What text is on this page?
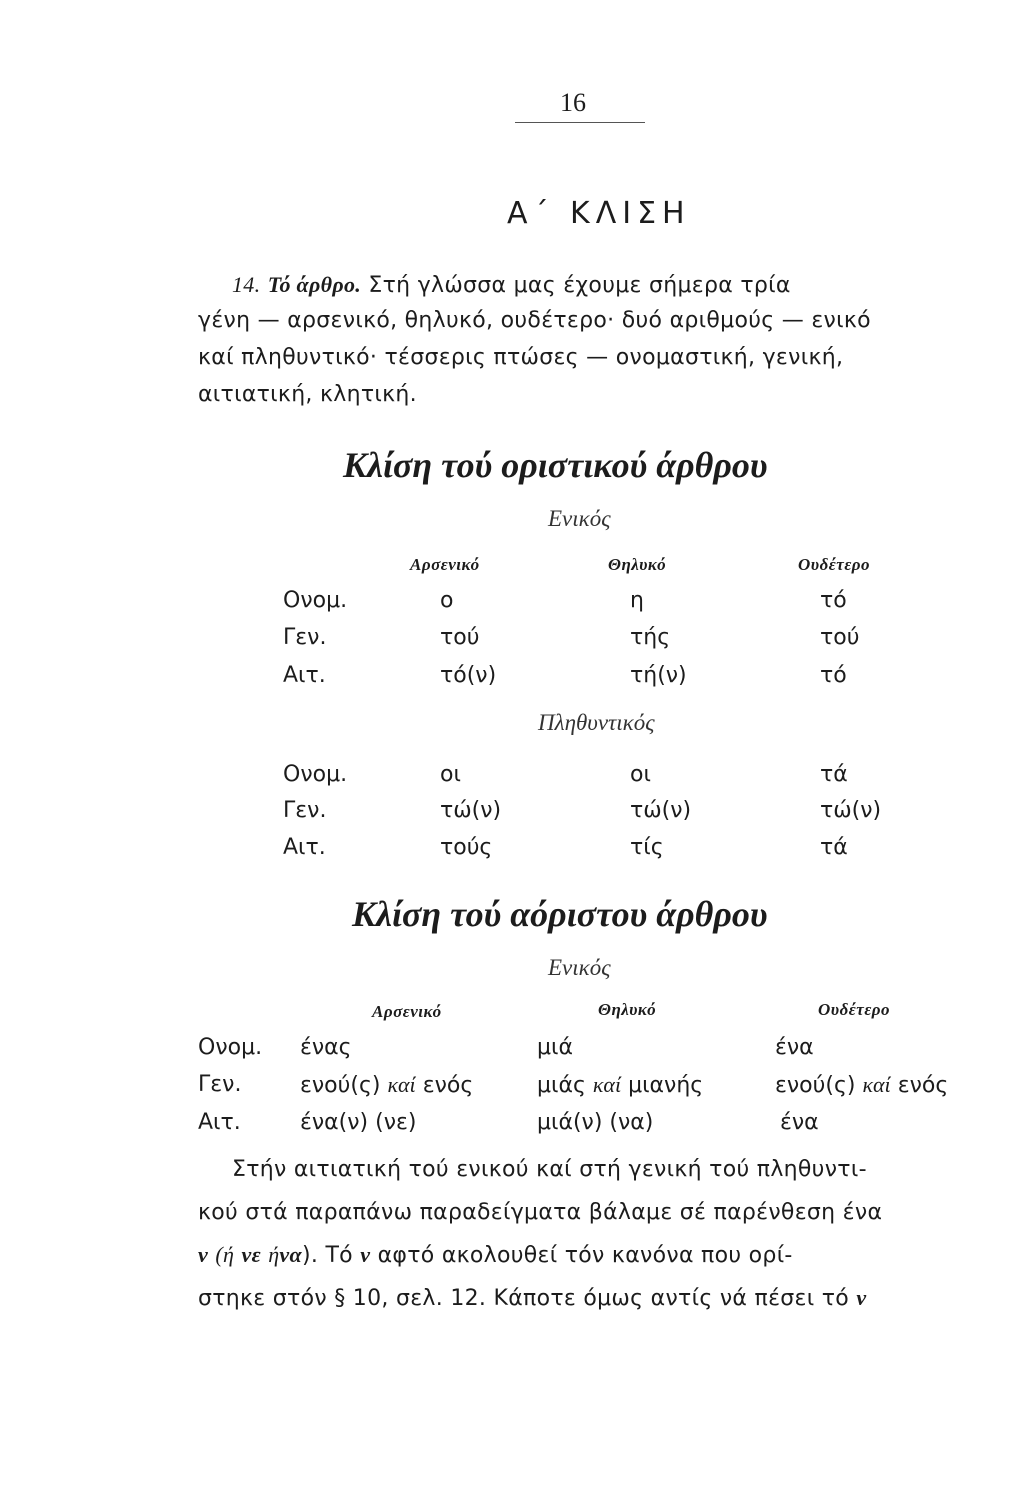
16
Α΄ ΚΛΙΣΗ
14. Τό άρθρο. Στή γλώσσα μας έχουμε σήμερα τρία
γένη — αρσενικό, θηλυκό, ουδέτερο· δυό αριθμούς — ενικό
καί πληθυντικό· τέσσερις πτώσες — ονομαστική, γενική,
αιτιατική, κλητική.
Κλίση τού οριστικού άρθρου
Ενικός
Αρσενικό	Θηλυκό	Ουδέτερο
Ονομ.	ο	η	τό
Γεν.	τού	τής	τού
Αιτ.	τό(ν)	τή(ν)	τό
Πληθυντικός
Ονομ.	οι	οι	τά
Γεν.	τώ(ν)	τώ(ν)	τώ(ν)
Αιτ.	τούς	τίς	τά
Κλίση τού αόριστου άρθρου
Ενικός
Αρσενικό	Θηλυκό	Ουδέτερο
Ονομ. ένας	μιά	ένα
Γεν.	ενού(ς) καί ενός	μιάς καί μιανής	ενού(ς) καί ενός
Αιτ.	ένα(ν) (νε)	μιά(ν) (να)	ένα
Στήν αιτιατική τού ενικού καί στή γενική τού πληθυντι-
κού στά παραπάνω παραδείγματα βάλαμε σέ παρένθεση ένα
ν (ή νε ήνα). Τό ν αφτό ακολουθεί τόν κανόνα που ορί-
στηκε στόν § 10, σελ. 12. Κάποτε όμως αντίς νά πέσει τό ν
